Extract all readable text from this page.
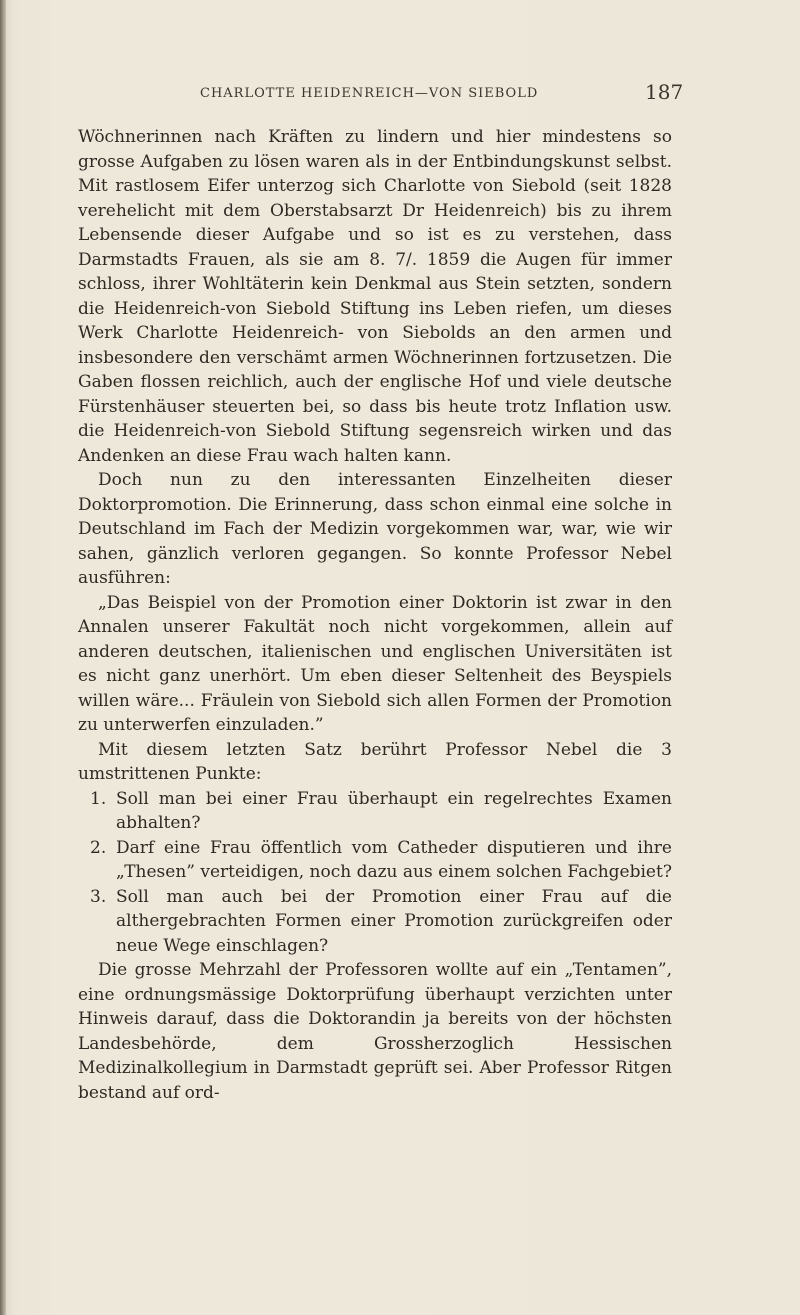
CHARLOTTE HEIDENREICH—VON SIEBOLD	187

Wöchnerinnen nach Kräften zu lindern und hier mindestens so grosse Aufgaben zu lösen waren als in der Entbindungskunst selbst. Mit rastlosem Eifer unterzog sich Charlotte von Siebold (seit 1828 verehelicht mit dem Oberstabsarzt Dr Heidenreich) bis zu ihrem Lebensende dieser Aufgabe und so ist es zu verstehen, dass Darmstadts Frauen, als sie am 8. 7/. 1859 die Augen für immer schloss, ihrer Wohltäterin kein Denkmal aus Stein setzten, sondern die Heidenreich-von Siebold Stiftung ins Leben riefen, um dieses Werk Charlotte Heidenreich- von Siebolds an den armen und insbesondere den verschämt armen Wöchnerinnen fortzusetzen. Die Gaben flossen reichlich, auch der englische Hof und viele deutsche Fürstenhäuser steuerten bei, so dass bis heute trotz Inflation usw. die Heidenreich-von Siebold Stiftung segensreich wirken und das Andenken an diese Frau wach halten kann.

Doch nun zu den interessanten Einzelheiten dieser Doktorpromotion. Die Erinnerung, dass schon einmal eine solche in Deutschland im Fach der Medizin vorgekommen war, war, wie wir sahen, gänzlich verloren gegangen. So konnte Professor Nebel ausführen:

„Das Beispiel von der Promotion einer Doktorin ist zwar in den Annalen unserer Fakultät noch nicht vorgekommen, allein auf anderen deutschen, italienischen und englischen Universitäten ist es nicht ganz unerhört. Um eben dieser Seltenheit des Beyspiels willen wäre... Fräulein von Siebold sich allen Formen der Promotion zu unterwerfen einzuladen.”

Mit diesem letzten Satz berührt Professor Nebel die 3 umstrittenen Punkte:

1. Soll man bei einer Frau überhaupt ein regelrechtes Examen abhalten?
2. Darf eine Frau öffentlich vom Catheder disputieren und ihre „Thesen” verteidigen, noch dazu aus einem solchen Fachgebiet?
3. Soll man auch bei der Promotion einer Frau auf die althergebrachten Formen einer Promotion zurückgreifen oder neue Wege einschlagen?

Die grosse Mehrzahl der Professoren wollte auf ein „Tentamen”, eine ordnungsmässige Doktorprüfung überhaupt verzichten unter Hinweis darauf, dass die Doktorandin ja bereits von der höchsten Landesbehörde, dem Grossherzoglich Hessischen Medizinalkollegium in Darmstadt geprüft sei. Aber Professor Ritgen bestand auf ord-
